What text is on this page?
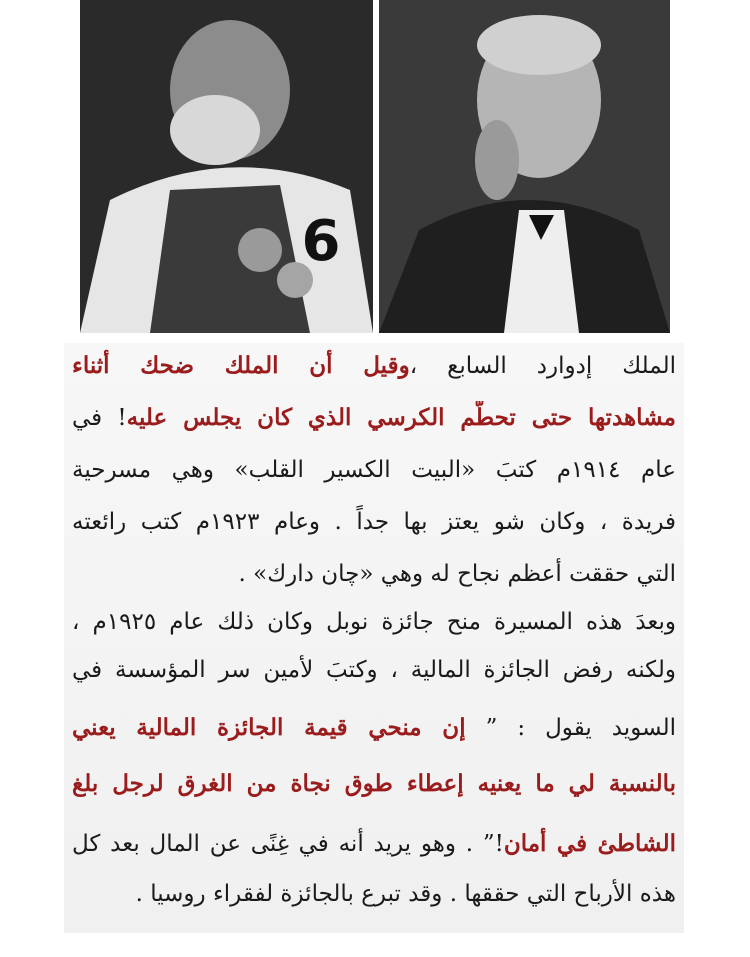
6
الملك إدوارد السابع ،وقيل أن الملك ضحك أثناء
مشاهدتها حتى تحطّم الكرسي الذي كان يجلس عليه! في
عام ١٩١٤م كتبَ «البيت الكسير القلب» وهي مسرحية
فريدة ، وكان شو يعتز بها جداً . وعام ١٩٢٣م كتب رائعته
التي حققت أعظم نجاح له وهي «چان دارك» .
وبعدَ هذه المسيرة منح جائزة نوبل وكان ذلك عام ١٩٢٥م ،
ولكنه رفض الجائزة المالية ، وكتبَ لأمين سر المؤسسة في
السويد يقول : ” إن منحي قيمة الجائزة المالية يعني
بالنسبة لي ما يعنيه إعطاء طوق نجاة من الغرق لرجل بلغ
الشاطئ في أمان!” . وهو يريد أنه في غِنًى عن المال بعد كل
هذه الأرباح التي حققها . وقد تبرع بالجائزة لفقراء روسيا .
